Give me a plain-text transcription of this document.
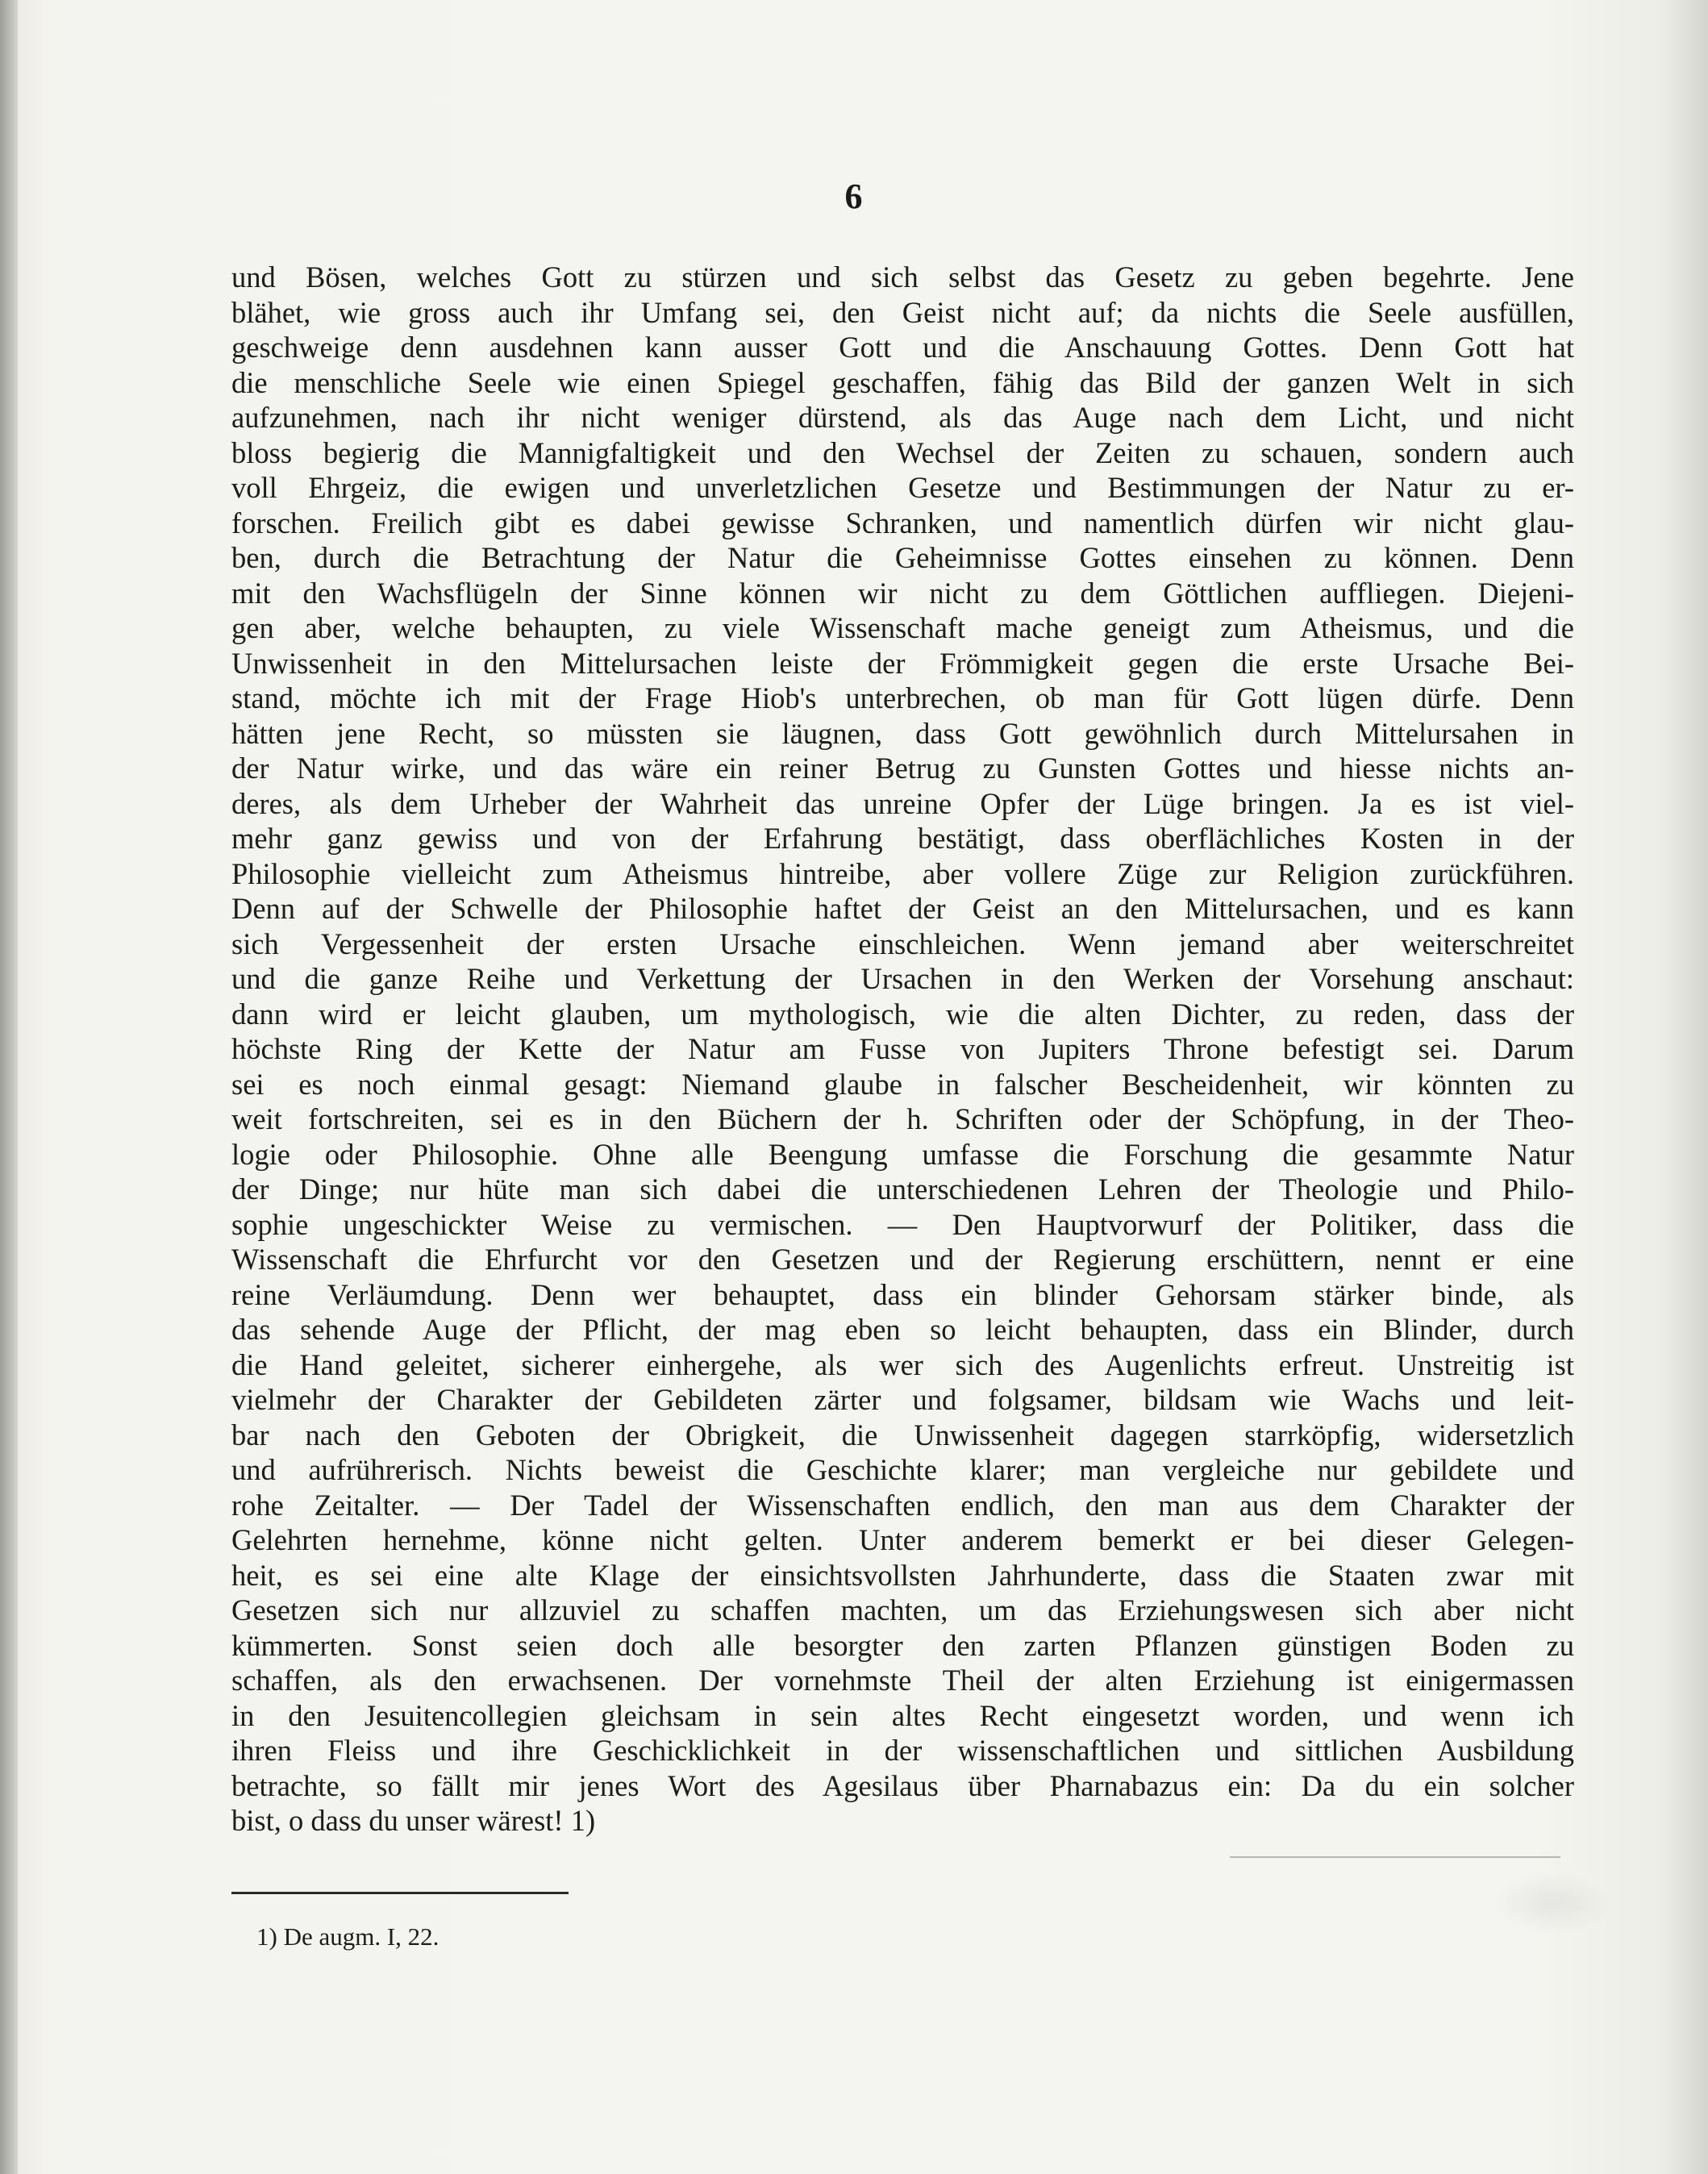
6
und Bösen, welches Gott zu stürzen und sich selbst das Gesetz zu geben begehrte. Jene
blähet, wie gross auch ihr Umfang sei, den Geist nicht auf; da nichts die Seele ausfüllen,
geschweige denn ausdehnen kann ausser Gott und die Anschauung Gottes. Denn Gott hat
die menschliche Seele wie einen Spiegel geschaffen, fähig das Bild der ganzen Welt in sich
aufzunehmen, nach ihr nicht weniger dürstend, als das Auge nach dem Licht, und nicht
bloss begierig die Mannigfaltigkeit und den Wechsel der Zeiten zu schauen, sondern auch
voll Ehrgeiz, die ewigen und unverletzlichen Gesetze und Bestimmungen der Natur zu er-
forschen. Freilich gibt es dabei gewisse Schranken, und namentlich dürfen wir nicht glau-
ben, durch die Betrachtung der Natur die Geheimnisse Gottes einsehen zu können. Denn
mit den Wachsflügeln der Sinne können wir nicht zu dem Göttlichen auffliegen. Diejeni-
gen aber, welche behaupten, zu viele Wissenschaft mache geneigt zum Atheismus, und die
Unwissenheit in den Mittelursachen leiste der Frömmigkeit gegen die erste Ursache Bei-
stand, möchte ich mit der Frage Hiob's unterbrechen, ob man für Gott lügen dürfe. Denn
hätten jene Recht, so müssten sie läugnen, dass Gott gewöhnlich durch Mittelursahen in
der Natur wirke, und das wäre ein reiner Betrug zu Gunsten Gottes und hiesse nichts an-
deres, als dem Urheber der Wahrheit das unreine Opfer der Lüge bringen. Ja es ist viel-
mehr ganz gewiss und von der Erfahrung bestätigt, dass oberflächliches Kosten in der
Philosophie vielleicht zum Atheismus hintreibe, aber vollere Züge zur Religion zurückführen.
Denn auf der Schwelle der Philosophie haftet der Geist an den Mittelursachen, und es kann
sich Vergessenheit der ersten Ursache einschleichen. Wenn jemand aber weiterschreitet
und die ganze Reihe und Verkettung der Ursachen in den Werken der Vorsehung anschaut:
dann wird er leicht glauben, um mythologisch, wie die alten Dichter, zu reden, dass der
höchste Ring der Kette der Natur am Fusse von Jupiters Throne befestigt sei. Darum
sei es noch einmal gesagt: Niemand glaube in falscher Bescheidenheit, wir könnten zu
weit fortschreiten, sei es in den Büchern der h. Schriften oder der Schöpfung, in der Theo-
logie oder Philosophie. Ohne alle Beengung umfasse die Forschung die gesammte Natur
der Dinge; nur hüte man sich dabei die unterschiedenen Lehren der Theologie und Philo-
sophie ungeschickter Weise zu vermischen. — Den Hauptvorwurf der Politiker, dass die
Wissenschaft die Ehrfurcht vor den Gesetzen und der Regierung erschüttern, nennt er eine
reine Verläumdung. Denn wer behauptet, dass ein blinder Gehorsam stärker binde, als
das sehende Auge der Pflicht, der mag eben so leicht behaupten, dass ein Blinder, durch
die Hand geleitet, sicherer einhergehe, als wer sich des Augenlichts erfreut. Unstreitig ist
vielmehr der Charakter der Gebildeten zärter und folgsamer, bildsam wie Wachs und leit-
bar nach den Geboten der Obrigkeit, die Unwissenheit dagegen starrköpfig, widersetzlich
und aufrührerisch. Nichts beweist die Geschichte klarer; man vergleiche nur gebildete und
rohe Zeitalter. — Der Tadel der Wissenschaften endlich, den man aus dem Charakter der
Gelehrten hernehme, könne nicht gelten. Unter anderem bemerkt er bei dieser Gelegen-
heit, es sei eine alte Klage der einsichtsvollsten Jahrhunderte, dass die Staaten zwar mit
Gesetzen sich nur allzuviel zu schaffen machten, um das Erziehungswesen sich aber nicht
kümmerten. Sonst seien doch alle besorgter den zarten Pflanzen günstigen Boden zu
schaffen, als den erwachsenen. Der vornehmste Theil der alten Erziehung ist einigermassen
in den Jesuitencollegien gleichsam in sein altes Recht eingesetzt worden, und wenn ich
ihren Fleiss und ihre Geschicklichkeit in der wissenschaftlichen und sittlichen Ausbildung
betrachte, so fällt mir jenes Wort des Agesilaus über Pharnabazus ein: Da du ein solcher
bist, o dass du unser wärest! 1)
1) De augm. I, 22.
